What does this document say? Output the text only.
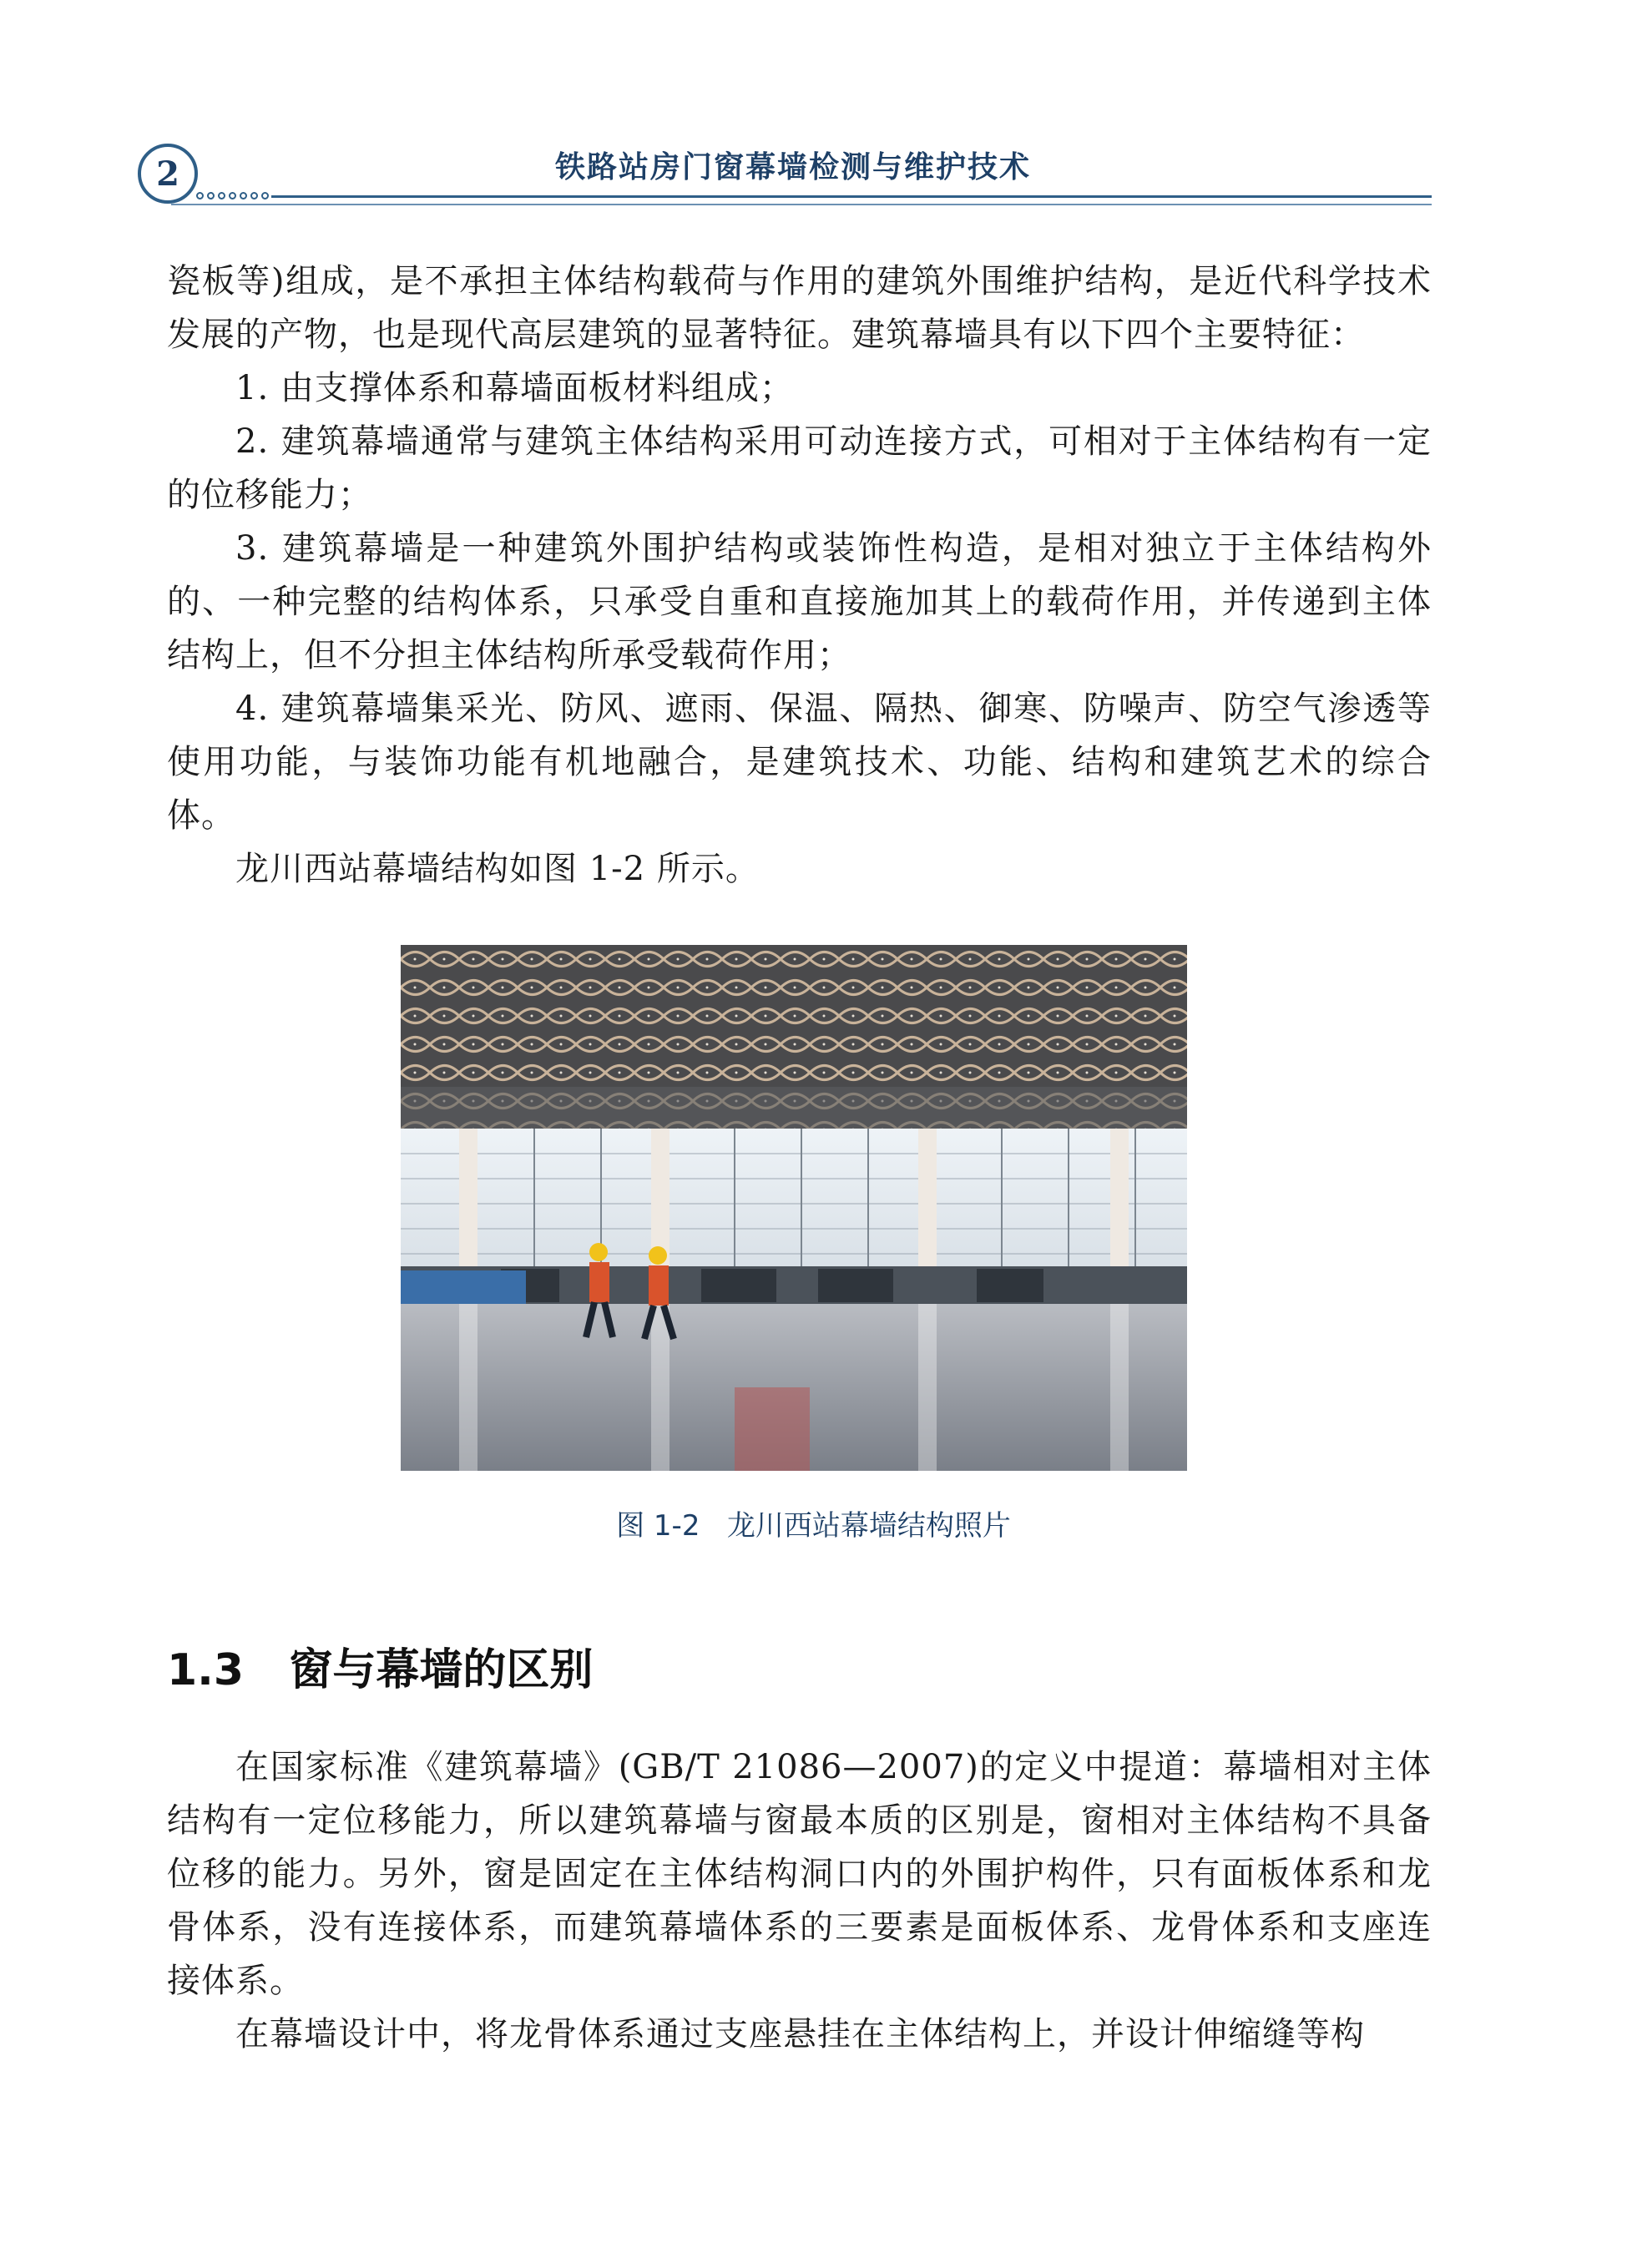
2	铁路站房门窗幕墙检测与维护技术

瓷板等)组成，是不承担主体结构载荷与作用的建筑外围维护结构，是近代科学技术发展的产物，也是现代高层建筑的显著特征。建筑幕墙具有以下四个主要特征：

1. 由支撑体系和幕墙面板材料组成；

2. 建筑幕墙通常与建筑主体结构采用可动连接方式，可相对于主体结构有一定的位移能力；

3. 建筑幕墙是一种建筑外围护结构或装饰性构造，是相对独立于主体结构外的、一种完整的结构体系，只承受自重和直接施加其上的载荷作用，并传递到主体结构上，但不分担主体结构所承受载荷作用；

4. 建筑幕墙集采光、防风、遮雨、保温、隔热、御寒、防噪声、防空气渗透等使用功能，与装饰功能有机地融合，是建筑技术、功能、结构和建筑艺术的综合体。

龙川西站幕墙结构如图 1-2 所示。

图 1-2   龙川西站幕墙结构照片
1.3   窗与幕墙的区别

在国家标准《建筑幕墙》(GB/T 21086—2007)的定义中提道：幕墙相对主体结构有一定位移能力，所以建筑幕墙与窗最本质的区别是，窗相对主体结构不具备位移的能力。另外，窗是固定在主体结构洞口内的外围护构件，只有面板体系和龙骨体系，没有连接体系，而建筑幕墙体系的三要素是面板体系、龙骨体系和支座连接体系。

在幕墙设计中，将龙骨体系通过支座悬挂在主体结构上，并设计伸缩缝等构
